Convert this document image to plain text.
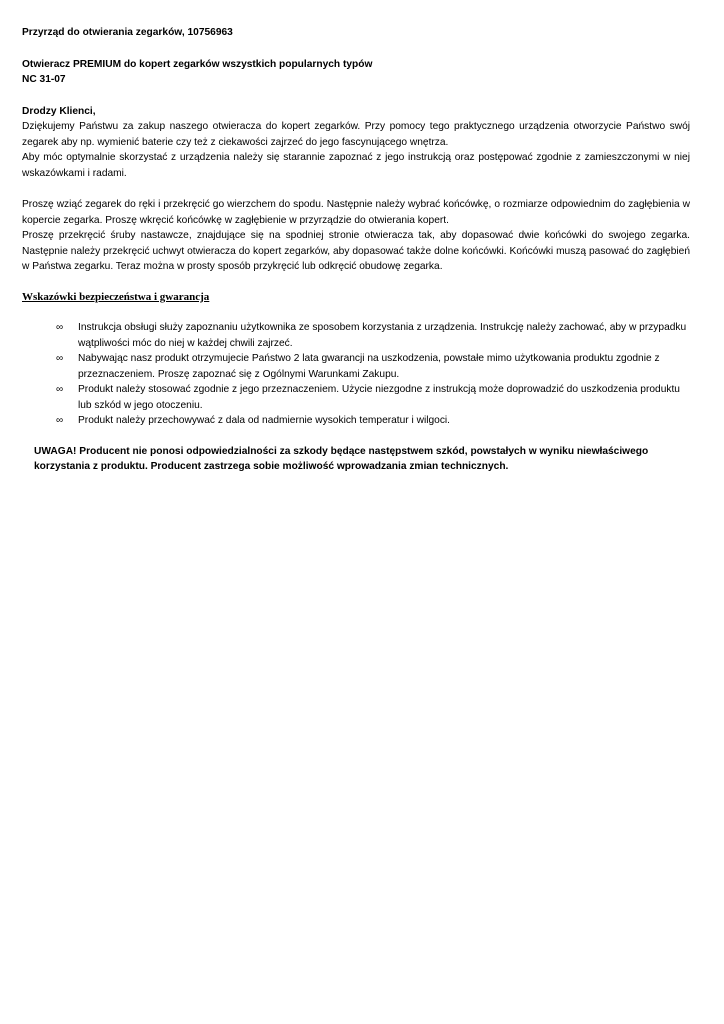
Przyrząd do otwierania zegarków, 10756963

Otwieracz PREMIUM do kopert zegarków wszystkich popularnych typów

NC 31-07

Drodzy Klienci,

Dziękujemy Państwu za zakup naszego otwieracza do kopert zegarków. Przy pomocy tego praktycznego urządzenia otworzycie Państwo swój zegarek aby np. wymienić baterie czy też z ciekawości zajrzeć do jego fascynującego wnętrza.

Aby móc optymalnie skorzystać z urządzenia należy się starannie zapoznać z jego instrukcją oraz postępować zgodnie z zamieszczonymi w niej wskazówkami i radami.

Proszę wziąć zegarek do ręki i przekręcić go wierzchem do spodu. Następnie należy wybrać końcówkę, o rozmiarze odpowiednim do zagłębienia w kopercie zegarka. Proszę wkręcić końcówkę w zagłębienie w przyrządzie do otwierania kopert.

Proszę przekręcić śruby nastawcze, znajdujące się na spodniej stronie otwieracza tak, aby dopasować dwie końcówki do swojego zegarka. Następnie należy przekręcić uchwyt otwieracza do kopert zegarków, aby dopasować także dolne końcówki. Końcówki muszą pasować do zagłębień w Państwa zegarku. Teraz można w prosty sposób przykręcić lub odkręcić obudowę zegarka.

Wskazówki bezpieczeństwa i gwarancja

∞ Instrukcja obsługi służy zapoznaniu użytkownika ze sposobem korzystania z urządzenia. Instrukcję należy zachować, aby w przypadku wątpliwości móc do niej w każdej chwili zajrzeć.
∞ Nabywając nasz produkt otrzymujecie Państwo 2 lata gwarancji na uszkodzenia, powstałe mimo użytkowania produktu zgodnie z przeznaczeniem. Proszę zapoznać się z Ogólnymi Warunkami Zakupu.
∞ Produkt należy stosować zgodnie z jego przeznaczeniem. Użycie niezgodne z instrukcją może doprowadzić do uszkodzenia produktu lub szkód w jego otoczeniu.
∞ Produkt należy przechowywać z dala od nadmiernie wysokich temperatur i wilgoci.

UWAGA! Producent nie ponosi odpowiedzialności za szkody będące następstwem szkód, powstałych w wyniku niewłaściwego korzystania z produktu. Producent zastrzega sobie możliwość wprowadzania zmian technicznych.
